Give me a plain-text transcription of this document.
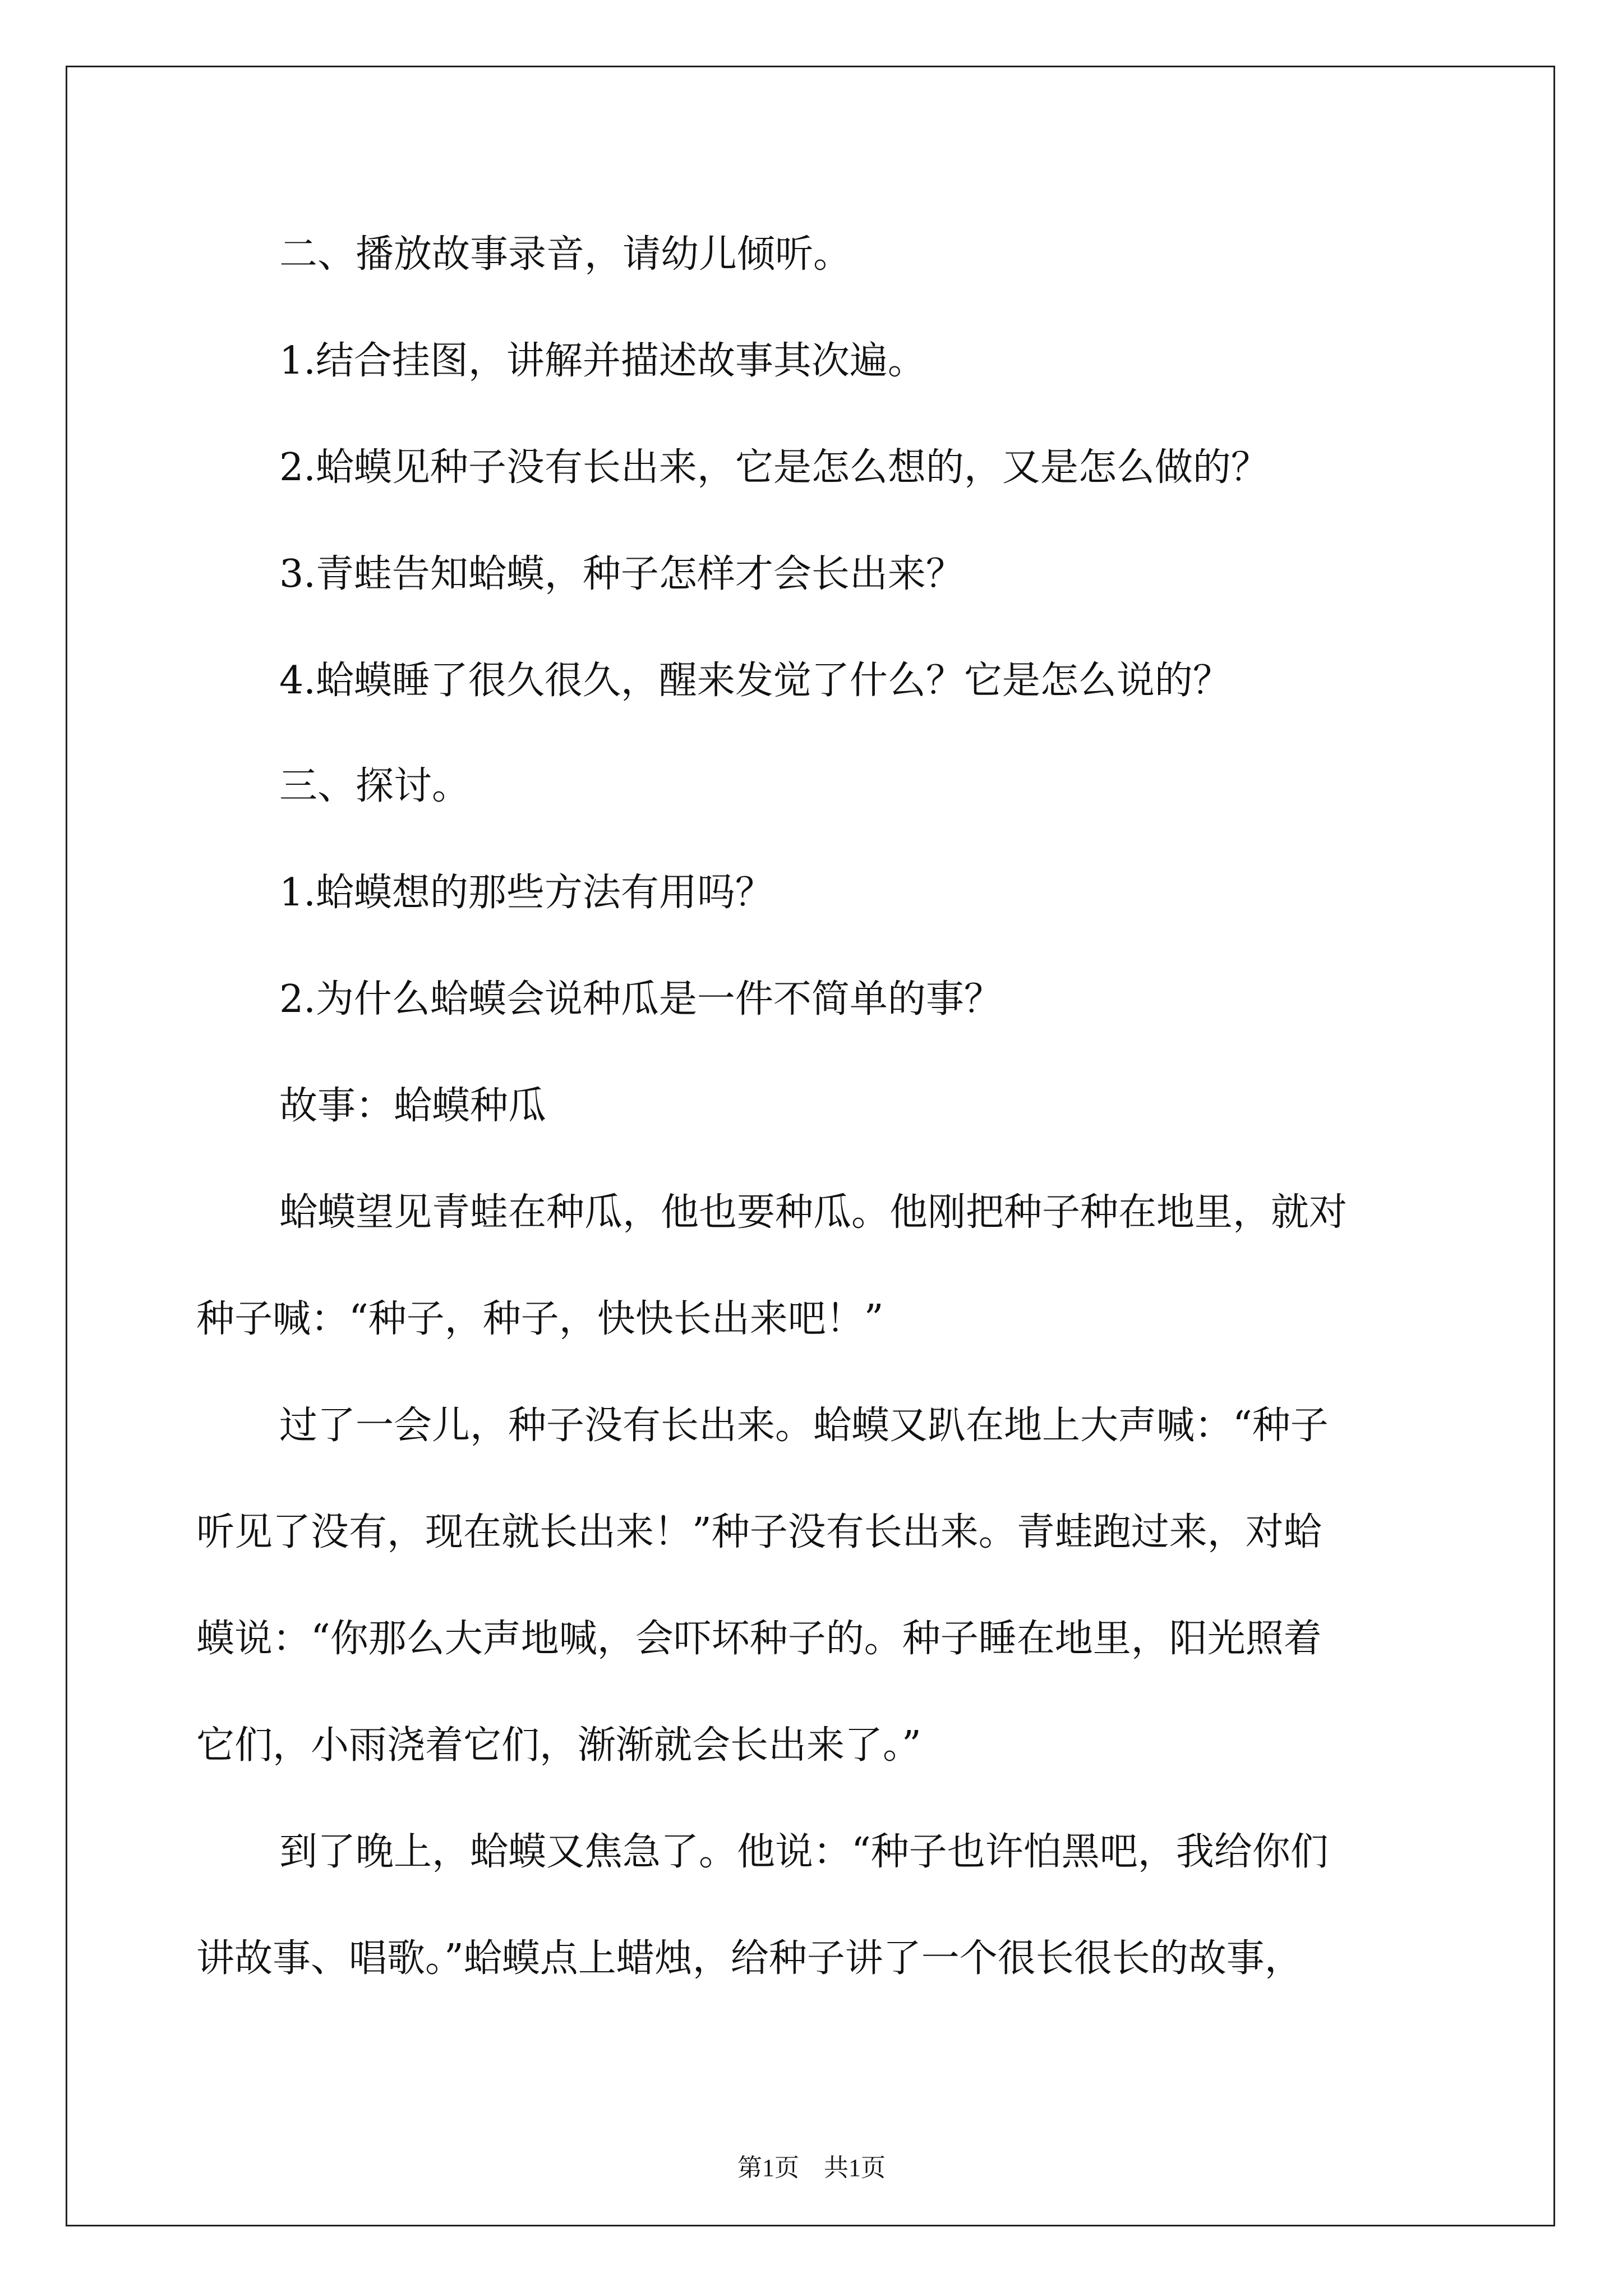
二、播放故事录音，请幼儿倾听。
1.结合挂图，讲解并描述故事其次遍。
2.蛤蟆见种子没有长出来，它是怎么想的，又是怎么做的？
3.青蛙告知蛤蟆，种子怎样才会长出来？
4.蛤蟆睡了很久很久，醒来发觉了什么？它是怎么说的？
三、探讨。
1.蛤蟆想的那些方法有用吗？
2.为什么蛤蟆会说种瓜是一件不简单的事？
故事：蛤蟆种瓜
蛤蟆望见青蛙在种瓜，他也要种瓜。他刚把种子种在地里，就对
种子喊：“种子，种子，快快长出来吧！”
过了一会儿，种子没有长出来。蛤蟆又趴在地上大声喊：“种子
听见了没有，现在就长出来！”种子没有长出来。青蛙跑过来，对蛤
蟆说：“你那么大声地喊，会吓坏种子的。种子睡在地里，阳光照着
它们，小雨浇着它们，渐渐就会长出来了。”
到了晚上，蛤蟆又焦急了。他说：“种子也许怕黑吧，我给你们
讲故事、唱歌。”蛤蟆点上蜡烛，给种子讲了一个很长很长的故事，
第1页　共1页
